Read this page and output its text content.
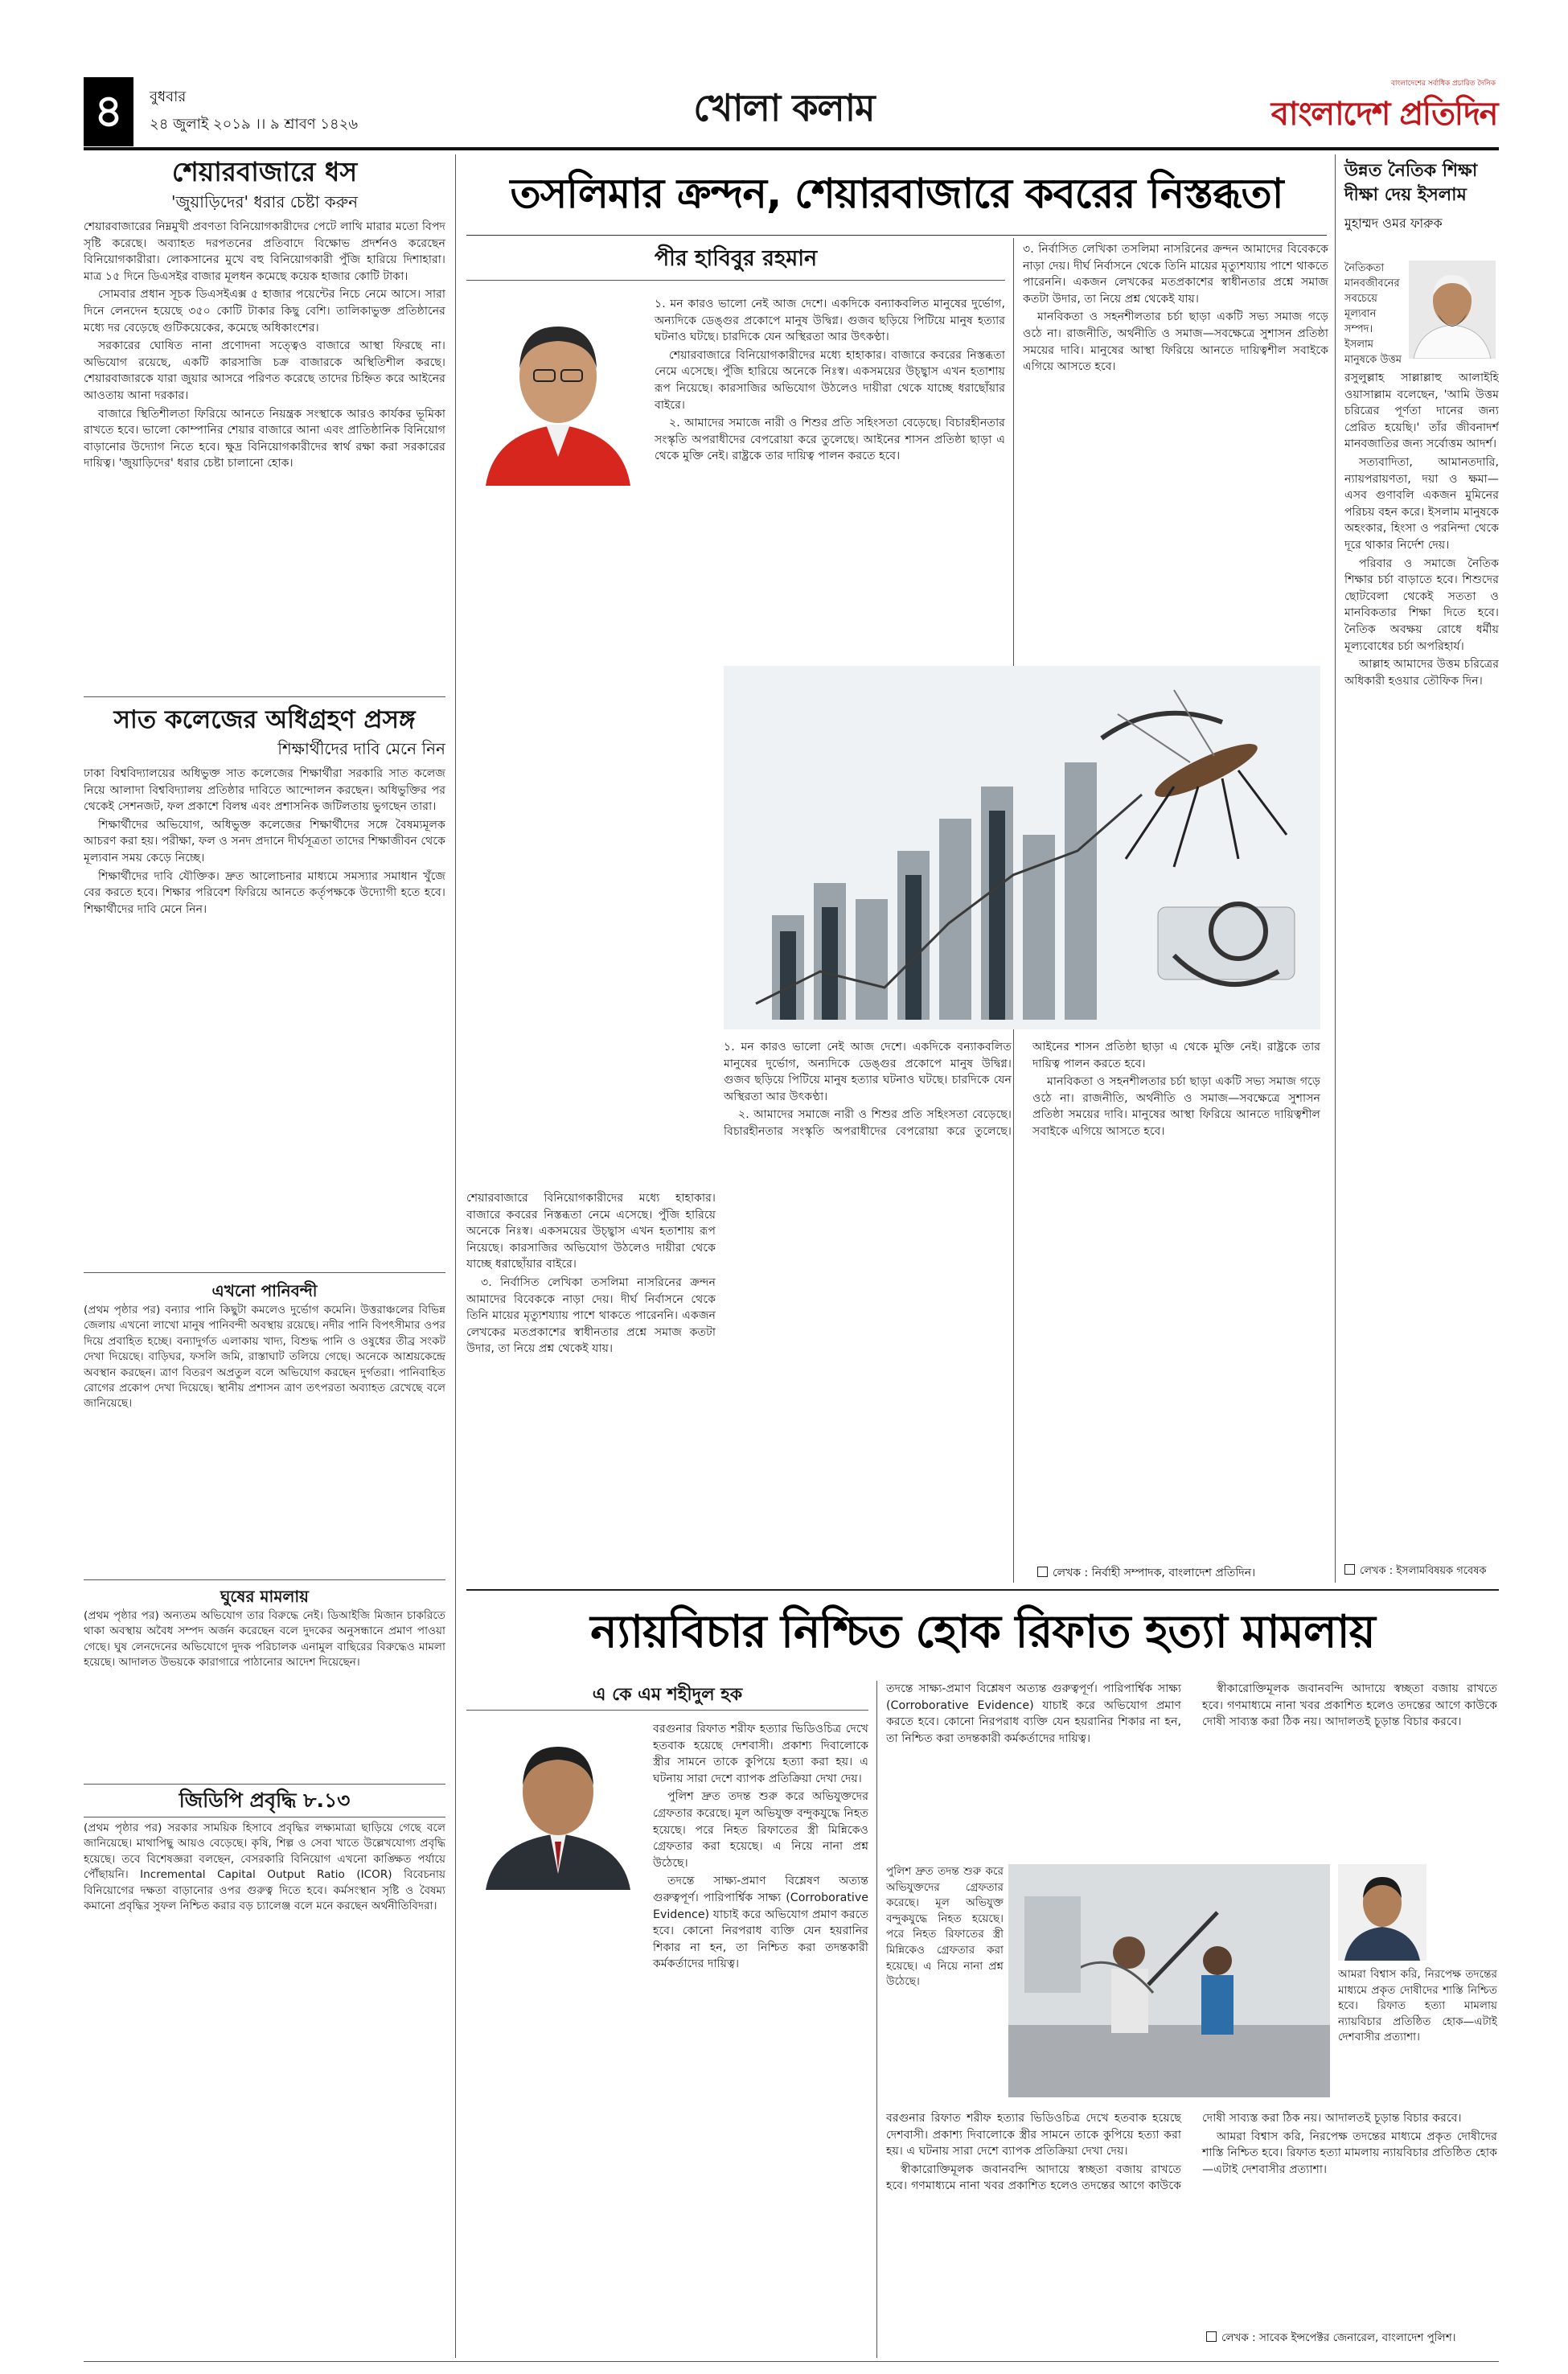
৪	বুধবার
২৪ জুলাই ২০১৯ ।। ৯ শ্রাবণ ১৪২৬	খোলা কলাম
বাংলাদেশের সর্বাধিক প্রচারিত দৈনিক
বাংলাদেশ প্রতিদিন
শেয়ারবাজারে ধস
'জুয়াড়িদের' ধরার চেষ্টা করুন

শেয়ারবাজারের নিম্নমুখী প্রবণতা বিনিয়োগকারীদের পেটে লাথি মারার মতো বিপদ সৃষ্টি করেছে। অব্যাহত দরপতনের প্রতিবাদে বিক্ষোভ প্রদর্শনও করেছেন বিনিয়োগকারীরা। লোকসানের মুখে বহু বিনিয়োগকারী পুঁজি হারিয়ে দিশাহারা। মাত্র ১৫ দিনে ডিএসইর বাজার মূলধন কমেছে কয়েক হাজার কোটি টাকা।

সোমবার প্রধান সূচক ডিএসইএক্স ৫ হাজার পয়েন্টের নিচে নেমে আসে। সারা দিনে লেনদেন হয়েছে ৩৫০ কোটি টাকার কিছু বেশি। তালিকাভুক্ত প্রতিষ্ঠানের মধ্যে দর বেড়েছে গুটিকয়েকের, কমেছে অধিকাংশের।

সরকারের ঘোষিত নানা প্রণোদনা সত্ত্বেও বাজারে আস্থা ফিরছে না। অভিযোগ রয়েছে, একটি কারসাজি চক্র বাজারকে অস্থিতিশীল করছে। শেয়ারবাজারকে যারা জুয়ার আসরে পরিণত করেছে তাদের চিহ্নিত করে আইনের আওতায় আনা দরকার।

বাজারে স্থিতিশীলতা ফিরিয়ে আনতে নিয়ন্ত্রক সংস্থাকে আরও কার্যকর ভূমিকা রাখতে হবে। ভালো কোম্পানির শেয়ার বাজারে আনা এবং প্রাতিষ্ঠানিক বিনিয়োগ বাড়ানোর উদ্যোগ নিতে হবে। ক্ষুদ্র বিনিয়োগকারীদের স্বার্থ রক্ষা করা সরকারের দায়িত্ব। 'জুয়াড়িদের' ধরার চেষ্টা চালানো হোক।

সাত কলেজের অধিগ্রহণ প্রসঙ্গ
শিক্ষার্থীদের দাবি মেনে নিন

ঢাকা বিশ্ববিদ্যালয়ের অধিভুক্ত সাত কলেজের শিক্ষার্থীরা সরকারি সাত কলেজ নিয়ে আলাদা বিশ্ববিদ্যালয় প্রতিষ্ঠার দাবিতে আন্দোলন করছেন। অধিভুক্তির পর থেকেই সেশনজট, ফল প্রকাশে বিলম্ব এবং প্রশাসনিক জটিলতায় ভুগছেন তারা।

শিক্ষার্থীদের অভিযোগ, অধিভুক্ত কলেজের শিক্ষার্থীদের সঙ্গে বৈষম্যমূলক আচরণ করা হয়। পরীক্ষা, ফল ও সনদ প্রদানে দীর্ঘসূত্রতা তাদের শিক্ষাজীবন থেকে মূল্যবান সময় কেড়ে নিচ্ছে।

শিক্ষার্থীদের দাবি যৌক্তিক। দ্রুত আলোচনার মাধ্যমে সমস্যার সমাধান খুঁজে বের করতে হবে। শিক্ষার পরিবেশ ফিরিয়ে আনতে কর্তৃপক্ষকে উদ্যোগী হতে হবে। শিক্ষার্থীদের দাবি মেনে নিন।

এখনো পানিবন্দী
(প্রথম পৃষ্ঠার পর) বন্যার পানি কিছুটা কমলেও দুর্ভোগ কমেনি। উত্তরাঞ্চলের বিভিন্ন জেলায় এখনো লাখো মানুষ পানিবন্দী অবস্থায় রয়েছে। নদীর পানি বিপৎসীমার ওপর দিয়ে প্রবাহিত হচ্ছে। বন্যাদুর্গত এলাকায় খাদ্য, বিশুদ্ধ পানি ও ওষুধের তীব্র সংকট দেখা দিয়েছে। বাড়িঘর, ফসলি জমি, রাস্তাঘাট তলিয়ে গেছে। অনেকে আশ্রয়কেন্দ্রে অবস্থান করছেন। ত্রাণ বিতরণ অপ্রতুল বলে অভিযোগ করছেন দুর্গতরা। পানিবাহিত রোগের প্রকোপ দেখা দিয়েছে। স্থানীয় প্রশাসন ত্রাণ তৎপরতা অব্যাহত রেখেছে বলে জানিয়েছে।
ঘুষের মামলায়
(প্রথম পৃষ্ঠার পর) অন্যতম অভিযোগ তার বিরুদ্ধে নেই। ডিআইজি মিজান চাকরিতে থাকা অবস্থায় অবৈধ সম্পদ অর্জন করেছেন বলে দুদকের অনুসন্ধানে প্রমাণ পাওয়া গেছে। ঘুষ লেনদেনের অভিযোগে দুদক পরিচালক এনামুল বাছিরের বিরুদ্ধেও মামলা হয়েছে। আদালত উভয়কে কারাগারে পাঠানোর আদেশ দিয়েছেন।
জিডিপি প্রবৃদ্ধি ৮.১৩
(প্রথম পৃষ্ঠার পর) সরকার সাময়িক হিসাবে প্রবৃদ্ধির লক্ষ্যমাত্রা ছাড়িয়ে গেছে বলে জানিয়েছে। মাথাপিছু আয়ও বেড়েছে। কৃষি, শিল্প ও সেবা খাতে উল্লেখযোগ্য প্রবৃদ্ধি হয়েছে। তবে বিশেষজ্ঞরা বলছেন, বেসরকারি বিনিয়োগ এখনো কাঙ্ক্ষিত পর্যায়ে পৌঁছায়নি। Incremental Capital Output Ratio (ICOR) বিবেচনায় বিনিয়োগের দক্ষতা বাড়ানোর ওপর গুরুত্ব দিতে হবে। কর্মসংস্থান সৃষ্টি ও বৈষম্য কমানো প্রবৃদ্ধির সুফল নিশ্চিত করার বড় চ্যালেঞ্জ বলে মনে করছেন অর্থনীতিবিদরা।
তসলিমার ক্রন্দন, শেয়ারবাজারে কবরের নিস্তব্ধতা
পীর হাবিবুর রহমান

১. মন কারও ভালো নেই আজ দেশে। একদিকে বন্যাকবলিত মানুষের দুর্ভোগ, অন্যদিকে ডেঙ্গুর প্রকোপে মানুষ উদ্বিগ্ন। গুজব ছড়িয়ে পিটিয়ে মানুষ হত্যার ঘটনাও ঘটছে। চারদিকে যেন অস্থিরতা আর উৎকণ্ঠা।

শেয়ারবাজারে বিনিয়োগকারীদের মধ্যে হাহাকার। বাজারে কবরের নিস্তব্ধতা নেমে এসেছে। পুঁজি হারিয়ে অনেকে নিঃস্ব। একসময়ের উচ্ছ্বাস এখন হতাশায় রূপ নিয়েছে। কারসাজির অভিযোগ উঠলেও দায়ীরা থেকে যাচ্ছে ধরাছোঁয়ার বাইরে।

২. আমাদের সমাজে নারী ও শিশুর প্রতি সহিংসতা বেড়েছে। বিচারহীনতার সংস্কৃতি অপরাধীদের বেপরোয়া করে তুলেছে। আইনের শাসন প্রতিষ্ঠা ছাড়া এ থেকে মুক্তি নেই। রাষ্ট্রকে তার দায়িত্ব পালন করতে হবে।

৩. নির্বাসিত লেখিকা তসলিমা নাসরিনের ক্রন্দন আমাদের বিবেককে নাড়া দেয়। দীর্ঘ নির্বাসনে থেকে তিনি মায়ের মৃত্যুশয্যায় পাশে থাকতে পারেননি। একজন লেখকের মতপ্রকাশের স্বাধীনতার প্রশ্নে সমাজ কতটা উদার, তা নিয়ে প্রশ্ন থেকেই যায়।

মানবিকতা ও সহনশীলতার চর্চা ছাড়া একটি সভ্য সমাজ গড়ে ওঠে না। রাজনীতি, অর্থনীতি ও সমাজ—সবক্ষেত্রে সুশাসন প্রতিষ্ঠা সময়ের দাবি। মানুষের আস্থা ফিরিয়ে আনতে দায়িত্বশীল সবাইকে এগিয়ে আসতে হবে।

১. মন কারও ভালো নেই আজ দেশে। একদিকে বন্যাকবলিত মানুষের দুর্ভোগ, অন্যদিকে ডেঙ্গুর প্রকোপে মানুষ উদ্বিগ্ন। গুজব ছড়িয়ে পিটিয়ে মানুষ হত্যার ঘটনাও ঘটছে। চারদিকে যেন অস্থিরতা আর উৎকণ্ঠা।

২. আমাদের সমাজে নারী ও শিশুর প্রতি সহিংসতা বেড়েছে। বিচারহীনতার সংস্কৃতি অপরাধীদের বেপরোয়া করে তুলেছে। আইনের শাসন প্রতিষ্ঠা ছাড়া এ থেকে মুক্তি নেই। রাষ্ট্রকে তার দায়িত্ব পালন করতে হবে।

মানবিকতা ও সহনশীলতার চর্চা ছাড়া একটি সভ্য সমাজ গড়ে ওঠে না। রাজনীতি, অর্থনীতি ও সমাজ—সবক্ষেত্রে সুশাসন প্রতিষ্ঠা সময়ের দাবি। মানুষের আস্থা ফিরিয়ে আনতে দায়িত্বশীল সবাইকে এগিয়ে আসতে হবে।

শেয়ারবাজারে বিনিয়োগকারীদের মধ্যে হাহাকার। বাজারে কবরের নিস্তব্ধতা নেমে এসেছে। পুঁজি হারিয়ে অনেকে নিঃস্ব। একসময়ের উচ্ছ্বাস এখন হতাশায় রূপ নিয়েছে। কারসাজির অভিযোগ উঠলেও দায়ীরা থেকে যাচ্ছে ধরাছোঁয়ার বাইরে।

৩. নির্বাসিত লেখিকা তসলিমা নাসরিনের ক্রন্দন আমাদের বিবেককে নাড়া দেয়। দীর্ঘ নির্বাসনে থেকে তিনি মায়ের মৃত্যুশয্যায় পাশে থাকতে পারেননি। একজন লেখকের মতপ্রকাশের স্বাধীনতার প্রশ্নে সমাজ কতটা উদার, তা নিয়ে প্রশ্ন থেকেই যায়।

লেখক : নির্বাহী সম্পাদক, বাংলাদেশ প্রতিদিন।
উন্নত নৈতিক শিক্ষা
দীক্ষা দেয় ইসলাম
মুহাম্মদ ওমর ফারুক
নৈতিকতা মানবজীবনের সবচেয়ে মূল্যবান সম্পদ। ইসলাম মানুষকে উত্তম

রসুলুল্লাহ সাল্লাল্লাহু আলাইহি ওয়াসাল্লাম বলেছেন, 'আমি উত্তম চরিত্রের পূর্ণতা দানের জন্য প্রেরিত হয়েছি।' তাঁর জীবনাদর্শ মানবজাতির জন্য সর্বোত্তম আদর্শ।

সত্যবাদিতা, আমানতদারি, ন্যায়পরায়ণতা, দয়া ও ক্ষমা—এসব গুণাবলি একজন মুমিনের পরিচয় বহন করে। ইসলাম মানুষকে অহংকার, হিংসা ও পরনিন্দা থেকে দূরে থাকার নির্দেশ দেয়।

পরিবার ও সমাজে নৈতিক শিক্ষার চর্চা বাড়াতে হবে। শিশুদের ছোটবেলা থেকেই সততা ও মানবিকতার শিক্ষা দিতে হবে। নৈতিক অবক্ষয় রোধে ধর্মীয় মূল্যবোধের চর্চা অপরিহার্য।

আল্লাহ আমাদের উত্তম চরিত্রের অধিকারী হওয়ার তৌফিক দিন।

লেখক : ইসলামবিষয়ক গবেষক
ন্যায়বিচার নিশ্চিত হোক রিফাত হত্যা মামলায়
এ কে এম শহীদুল হক

বরগুনার রিফাত শরীফ হত্যার ভিডিওচিত্র দেখে হতবাক হয়েছে দেশবাসী। প্রকাশ্য দিবালোকে স্ত্রীর সামনে তাকে কুপিয়ে হত্যা করা হয়। এ ঘটনায় সারা দেশে ব্যাপক প্রতিক্রিয়া দেখা দেয়।

পুলিশ দ্রুত তদন্ত শুরু করে অভিযুক্তদের গ্রেফতার করেছে। মূল অভিযুক্ত বন্দুকযুদ্ধে নিহত হয়েছে। পরে নিহত রিফাতের স্ত্রী মিন্নিকেও গ্রেফতার করা হয়েছে। এ নিয়ে নানা প্রশ্ন উঠেছে।

তদন্তে সাক্ষ্য-প্রমাণ বিশ্লেষণ অত্যন্ত গুরুত্বপূর্ণ। পারিপার্শ্বিক সাক্ষ্য (Corroborative Evidence) যাচাই করে অভিযোগ প্রমাণ করতে হবে। কোনো নিরপরাধ ব্যক্তি যেন হয়রানির শিকার না হন, তা নিশ্চিত করা তদন্তকারী কর্মকর্তাদের দায়িত্ব।

তদন্তে সাক্ষ্য-প্রমাণ বিশ্লেষণ অত্যন্ত গুরুত্বপূর্ণ। পারিপার্শ্বিক সাক্ষ্য (Corroborative Evidence) যাচাই করে অভিযোগ প্রমাণ করতে হবে। কোনো নিরপরাধ ব্যক্তি যেন হয়রানির শিকার না হন, তা নিশ্চিত করা তদন্তকারী কর্মকর্তাদের দায়িত্ব।

স্বীকারোক্তিমূলক জবানবন্দি আদায়ে স্বচ্ছতা বজায় রাখতে হবে। গণমাধ্যমে নানা খবর প্রকাশিত হলেও তদন্তের আগে কাউকে দোষী সাব্যস্ত করা ঠিক নয়। আদালতই চূড়ান্ত বিচার করবে।

পুলিশ দ্রুত তদন্ত শুরু করে অভিযুক্তদের গ্রেফতার করেছে। মূল অভিযুক্ত বন্দুকযুদ্ধে নিহত হয়েছে। পরে নিহত রিফাতের স্ত্রী মিন্নিকেও গ্রেফতার করা হয়েছে। এ নিয়ে নানা প্রশ্ন উঠেছে।

আমরা বিশ্বাস করি, নিরপেক্ষ তদন্তের মাধ্যমে প্রকৃত দোষীদের শাস্তি নিশ্চিত হবে। রিফাত হত্যা মামলায় ন্যায়বিচার প্রতিষ্ঠিত হোক—এটাই দেশবাসীর প্রত্যাশা।

বরগুনার রিফাত শরীফ হত্যার ভিডিওচিত্র দেখে হতবাক হয়েছে দেশবাসী। প্রকাশ্য দিবালোকে স্ত্রীর সামনে তাকে কুপিয়ে হত্যা করা হয়। এ ঘটনায় সারা দেশে ব্যাপক প্রতিক্রিয়া দেখা দেয়।

স্বীকারোক্তিমূলক জবানবন্দি আদায়ে স্বচ্ছতা বজায় রাখতে হবে। গণমাধ্যমে নানা খবর প্রকাশিত হলেও তদন্তের আগে কাউকে দোষী সাব্যস্ত করা ঠিক নয়। আদালতই চূড়ান্ত বিচার করবে।

আমরা বিশ্বাস করি, নিরপেক্ষ তদন্তের মাধ্যমে প্রকৃত দোষীদের শাস্তি নিশ্চিত হবে। রিফাত হত্যা মামলায় ন্যায়বিচার প্রতিষ্ঠিত হোক—এটাই দেশবাসীর প্রত্যাশা।

লেখক : সাবেক ইন্সপেক্টর জেনারেল, বাংলাদেশ পুলিশ।
